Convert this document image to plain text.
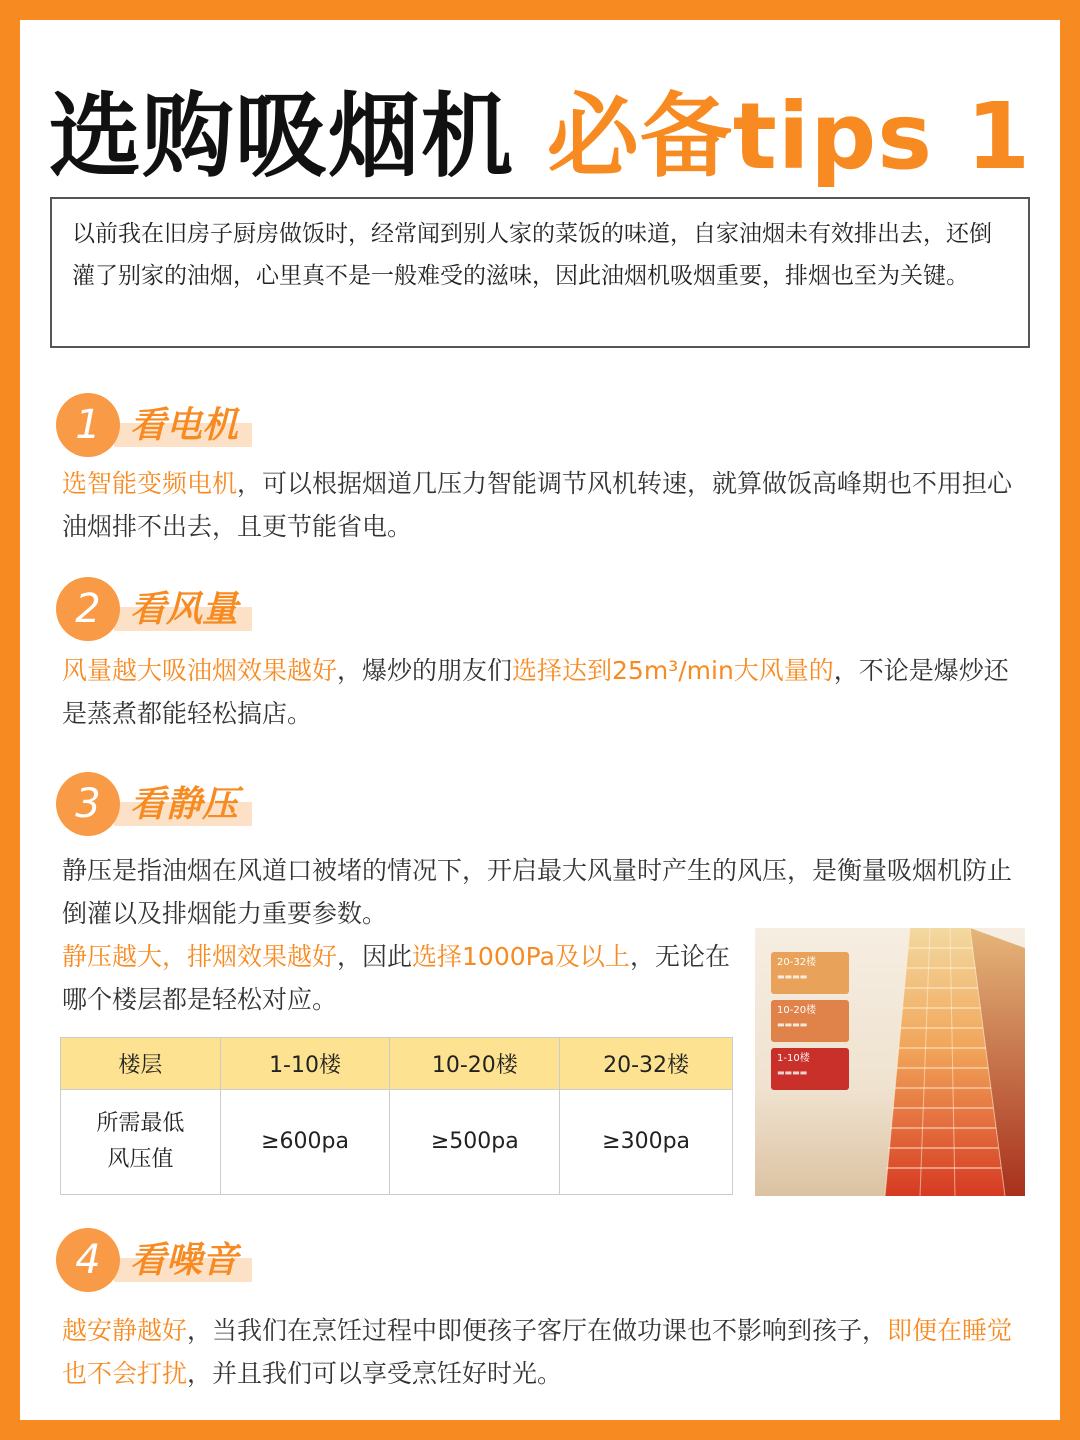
选购吸烟机 必备tips 1
以前我在旧房子厨房做饭时，经常闻到别人家的菜饭的味道，自家油烟未有效排出去，还倒灌了别家的油烟，心里真不是一般难受的滋味，因此油烟机吸烟重要，排烟也至为关键。
1 看电机
选智能变频电机，可以根据烟道几压力智能调节风机转速，就算做饭高峰期也不用担心油烟排不出去，且更节能省电。
2 看风量
风量越大吸油烟效果越好，爆炒的朋友们选择达到25m³/min大风量的，不论是爆炒还是蒸煮都能轻松搞店。
3 看静压
静压是指油烟在风道口被堵的情况下，开启最大风量时产生的风压，是衡量吸烟机防止倒灌以及排烟能力重要参数。
静压越大，排烟效果越好，因此选择1000Pa及以上，无论在哪个楼层都是轻松对应。
楼层	1-10楼	10-20楼	20-32楼
所需最低
风压值	≥600pa	≥500pa	≥300pa
20-32楼
▬▬▬▬
10-20楼
▬▬▬▬
1-10楼
▬▬▬▬
4 看噪音
越安静越好，当我们在烹饪过程中即便孩子客厅在做功课也不影响到孩子，即便在睡觉也不会打扰，并且我们可以享受烹饪好时光。
